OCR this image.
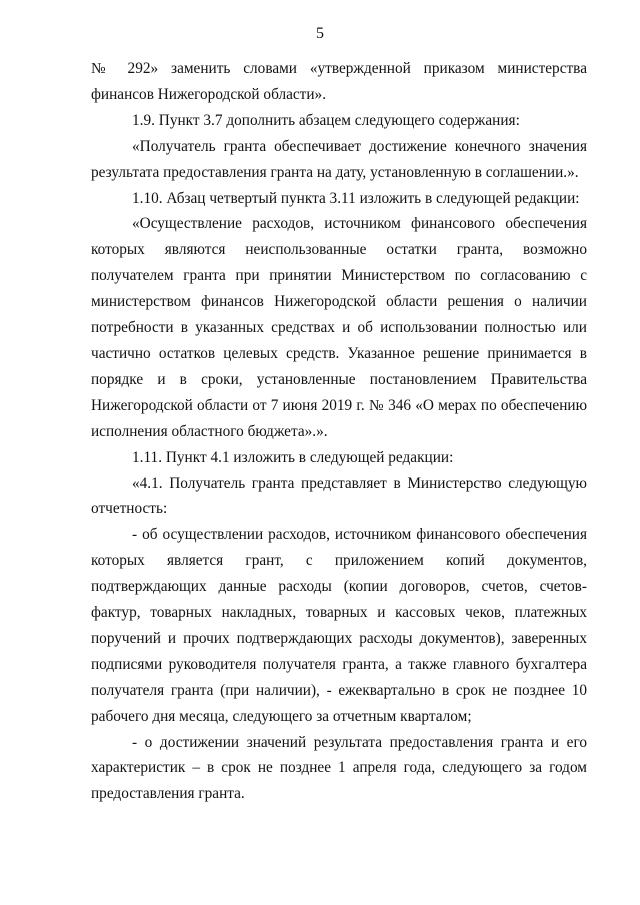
5

№ 292» заменить словами «утвержденной приказом министерства финансов Нижегородской области».

1.9. Пункт 3.7 дополнить абзацем следующего содержания:

«Получатель гранта обеспечивает достижение конечного значения результата предоставления гранта на дату, установленную в соглашении.».

1.10. Абзац четвертый пункта 3.11 изложить в следующей редакции:

«Осуществление расходов, источником финансового обеспечения которых являются неиспользованные остатки гранта, возможно получателем гранта при принятии Министерством по согласованию с министерством финансов Нижегородской области решения о наличии потребности в указанных средствах и об использовании полностью или частично остатков целевых средств. Указанное решение принимается в порядке и в сроки, установленные постановлением Правительства Нижегородской области от 7 июня 2019 г. № 346 «О мерах по обеспечению исполнения областного бюджета».».

1.11. Пункт 4.1 изложить в следующей редакции:

«4.1. Получатель гранта представляет в Министерство следующую отчетность:

- об осуществлении расходов, источником финансового обеспечения которых является грант, с приложением копий документов, подтверждающих данные расходы (копии договоров, счетов, счетов-фактур, товарных накладных, товарных и кассовых чеков, платежных поручений и прочих подтверждающих расходы документов), заверенных подписями руководителя получателя гранта, а также главного бухгалтера получателя гранта (при наличии), - ежеквартально в срок не позднее 10 рабочего дня месяца, следующего за отчетным кварталом;

- о достижении значений результата предоставления гранта и его характеристик – в срок не позднее 1 апреля года, следующего за годом предоставления гранта.
